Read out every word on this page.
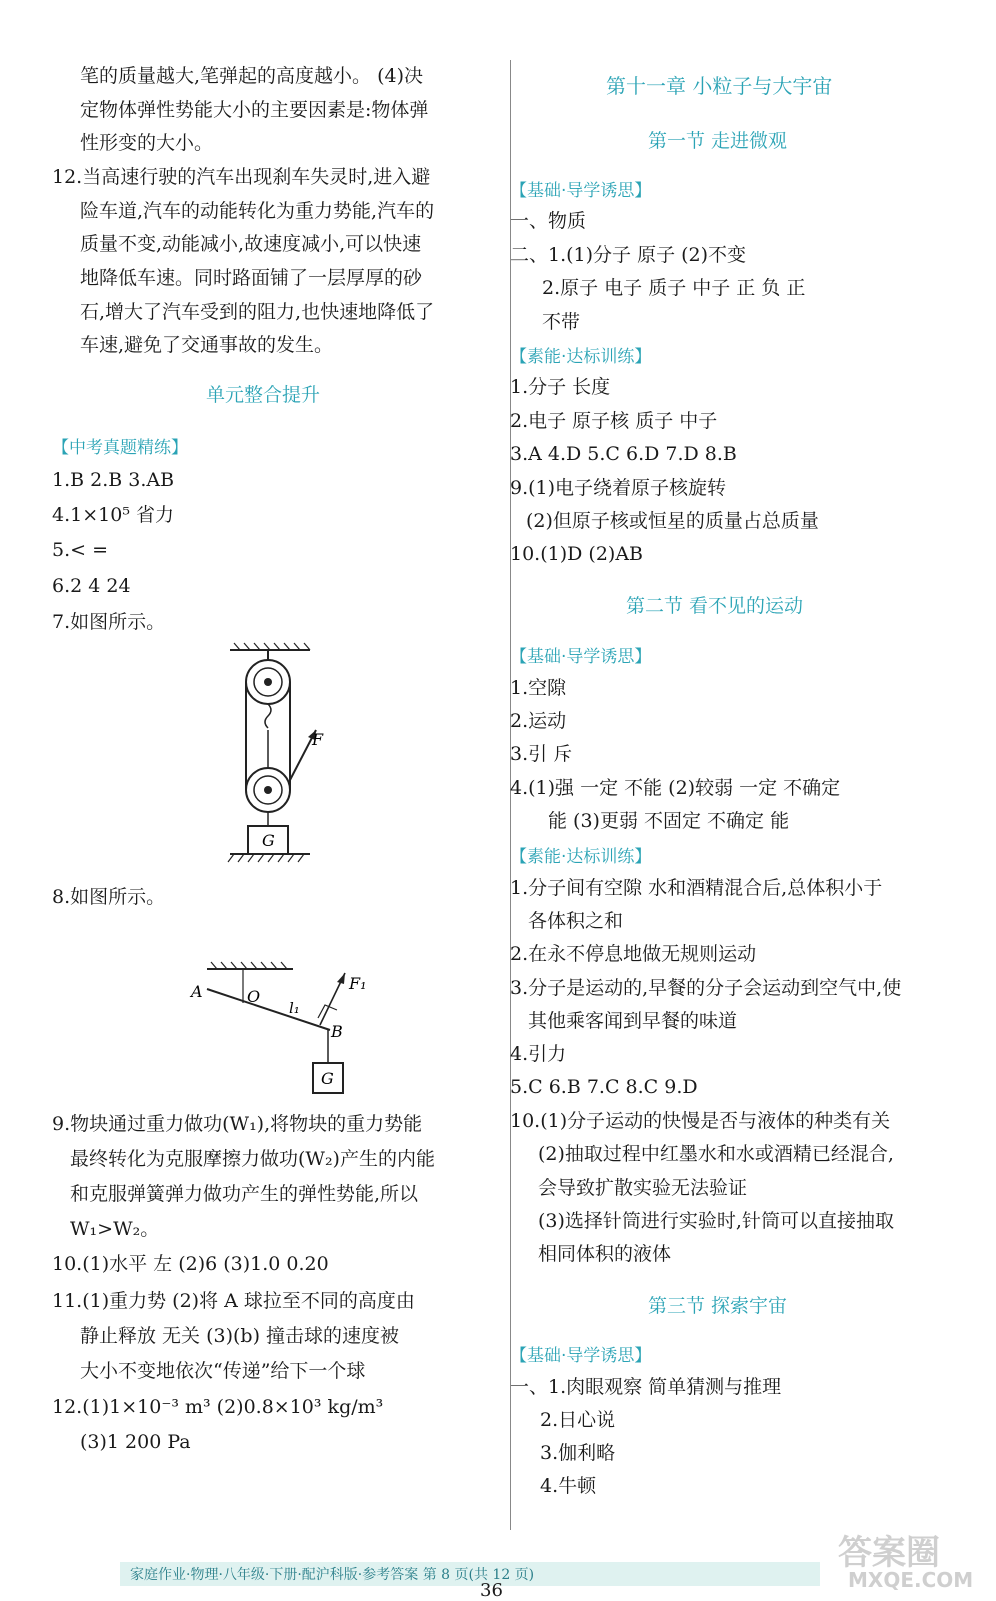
笔的质量越大,笔弹起的高度越小。 (4)决
定物体弹性势能大小的主要因素是:物体弹
性形变的大小。
12.当高速行驶的汽车出现刹车失灵时,进入避
险车道,汽车的动能转化为重力势能,汽车的
质量不变,动能减小,故速度减小,可以快速
地降低车速。同时路面铺了一层厚厚的砂
石,增大了汽车受到的阻力,也快速地降低了
车速,避免了交通事故的发生。
单元整合提升
【中考真题精练】
1.B 2.B 3.AB
4.1×10⁵ 省力
5.< =
6.2 4 24
7.如图所示。
F
G
8.如图所示。
A	O
l₁
F₁
B
G
9.物块通过重力做功(W₁),将物块的重力势能
最终转化为克服摩擦力做功(W₂)产生的内能
和克服弹簧弹力做功产生的弹性势能,所以
W₁>W₂。
10.(1)水平 左 (2)6 (3)1.0 0.20
11.(1)重力势 (2)将 A 球拉至不同的高度由
静止释放 无关 (3)(b) 撞击球的速度被
大小不变地依次“传递”给下一个球
12.(1)1×10⁻³ m³ (2)0.8×10³ kg/m³
(3)1 200 Pa
第十一章 小粒子与大宇宙
第一节 走进微观
【基础·导学诱思】
一、物质
二、1.(1)分子 原子 (2)不变
2.原子 电子 质子 中子 正 负 正
不带
【素能·达标训练】
1.分子 长度
2.电子 原子核 质子 中子
3.A 4.D 5.C 6.D 7.D 8.B
9.(1)电子绕着原子核旋转
(2)但原子核或恒星的质量占总质量
10.(1)D (2)AB
第二节 看不见的运动
【基础·导学诱思】
1.空隙
2.运动
3.引 斥
4.(1)强 一定 不能 (2)较弱 一定 不确定
能 (3)更弱 不固定 不确定 能
【素能·达标训练】
1.分子间有空隙 水和酒精混合后,总体积小于
各体积之和
2.在永不停息地做无规则运动
3.分子是运动的,早餐的分子会运动到空气中,使
其他乘客闻到早餐的味道
4.引力
5.C 6.B 7.C 8.C 9.D
10.(1)分子运动的快慢是否与液体的种类有关
(2)抽取过程中红墨水和水或酒精已经混合,
会导致扩散实验无法验证
(3)选择针筒进行实验时,针筒可以直接抽取
相同体积的液体
第三节 探索宇宙
【基础·导学诱思】
一、1.肉眼观察 简单猜测与推理
2.日心说
3.伽利略
4.牛顿
家庭作业·物理·八年级·下册·配沪科版·参考答案 第 8 页(共 12 页)
36
答案圈
MXQE.COM
